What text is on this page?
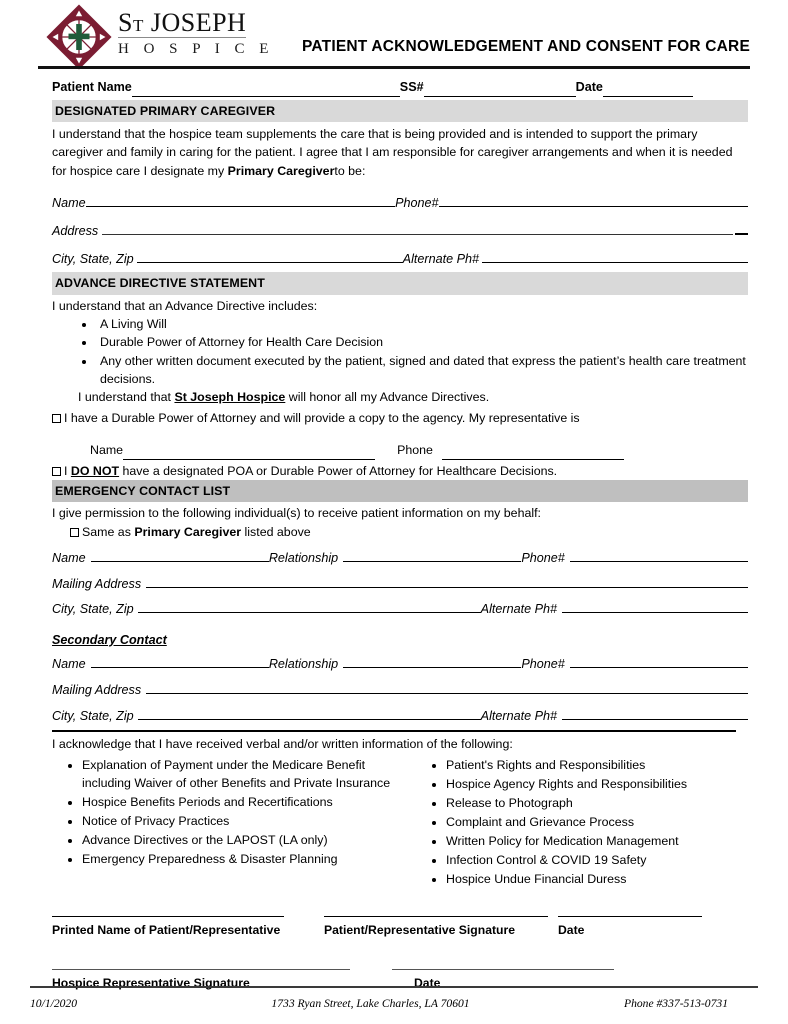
ST JOSEPH
H O S P I C E PATIENT ACKNOWLEDGEMENT AND CONSENT FOR CARE
Patient Name	SS#	Date
DESIGNATED PRIMARY CAREGIVER

I understand that the hospice team supplements the care that is being provided and is intended to support the primary caregiver and family in caring for the patient. I agree that I am responsible for caregiver arrangements and when it is needed for hospice care I designate my Primary Caregiverto be:

Name	Phone#
Address
City, State, Zip	Alternate Ph#
ADVANCE DIRECTIVE STATEMENT

I understand that an Advance Directive includes:

• A Living Will
• Durable Power of Attorney for Health Care Decision
• Any other written document executed by the patient, signed and dated that express the patient’s health care treatment decisions.

I understand that St Joseph Hospice will honor all my Advance Directives.

I have a Durable Power of Attorney and will provide a copy to the agency. My representative is

Name	Phone

I DO NOT have a designated POA or Durable Power of Attorney for Healthcare Decisions.

EMERGENCY CONTACT LIST

I give permission to the following individual(s) to receive patient information on my behalf:

Same as Primary Caregiver listed above

Name	Relationship	Phone#
Mailing Address
City, State, Zip	Alternate Ph#
Secondary Contact
Name	Relationship	Phone#
Mailing Address
City, State, Zip	Alternate Ph#

I acknowledge that I have received verbal and/or written information of the following:

• Explanation of Payment under the Medicare Benefit including Waiver of other Benefits and Private Insurance
• Hospice Benefits Periods and Recertifications
• Notice of Privacy Practices
• Advance Directives or the LAPOST (LA only)
• Emergency Preparedness & Disaster Planning
• Patient's Rights and Responsibilities
• Hospice Agency Rights and Responsibilities
• Release to Photograph
• Complaint and Grievance Process
• Written Policy for Medication Management
• Infection Control & COVID 19 Safety
• Hospice Undue Financial Duress
Printed Name of Patient/Representative	Patient/Representative Signature	Date
Hospice Representative Signature	Date
10/1/2020	1733 Ryan Street, Lake Charles, LA 70601	Phone #337-513-0731
